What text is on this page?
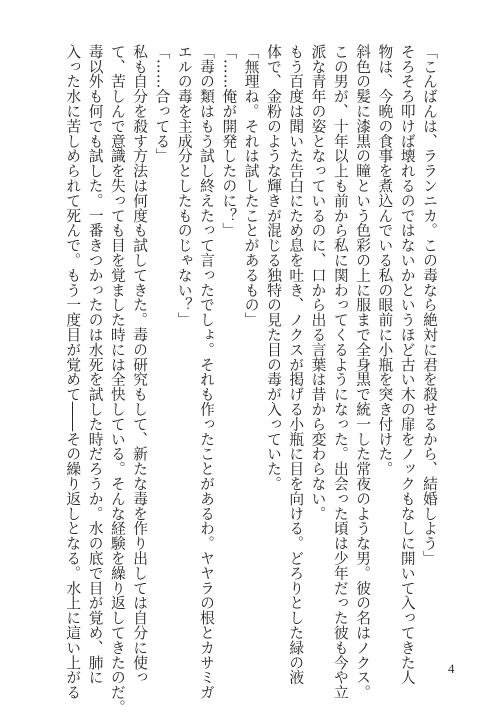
「こんばんは、ラランニカ。この毒なら絶対に君を殺せるから、結婚しよう」
そろそろ叩けば壊れるのではないかというほど古い木の扉をノックもなしに開いて入ってきた人
物は、今晩の食事を煮込んでいる私の眼前に小瓶を突き付けた。
斜色の髪に漆黒の瞳という色彩の上に服まで全身黒で統一した常夜のような男。彼の名はノクス。
この男が、十年以上も前から私に関わってくるようになった。出会った頃は少年だった彼も今や立
派な青年の姿となっているのに、口から出る言葉は昔から変わらない。
もう百度は聞いた告白にため息を吐き、ノクスが掲げる小瓶に目を向ける。どろりとした緑の液
体で、金粉のような輝きが混じる独特の見た目の毒が入っていた。
「無理ね。それは試したことがあるもの」
「……俺が開発したのに？」
「毒の類はもう試し終えたって言ったでしょ。それも作ったことがあるわ。ヤヤラの根とカサミガ
エルの毒を主成分としたものじゃない？」
「……合ってる」
私も自分を殺す方法は何度も試してきた。毒の研究もして、新たな毒を作り出しては自分に使っ
て、苦しんで意識を失っても目を覚ました時には全快している。そんな経験を繰り返してきたのだ。
毒以外も何でも試した。一番きつかったのは水死を試した時だろうか。水の底で目が覚め、肺に
入った水に苦しめられて死んで。もう一度目が覚めて――その繰り返しとなる。水上に這い上がる	4
